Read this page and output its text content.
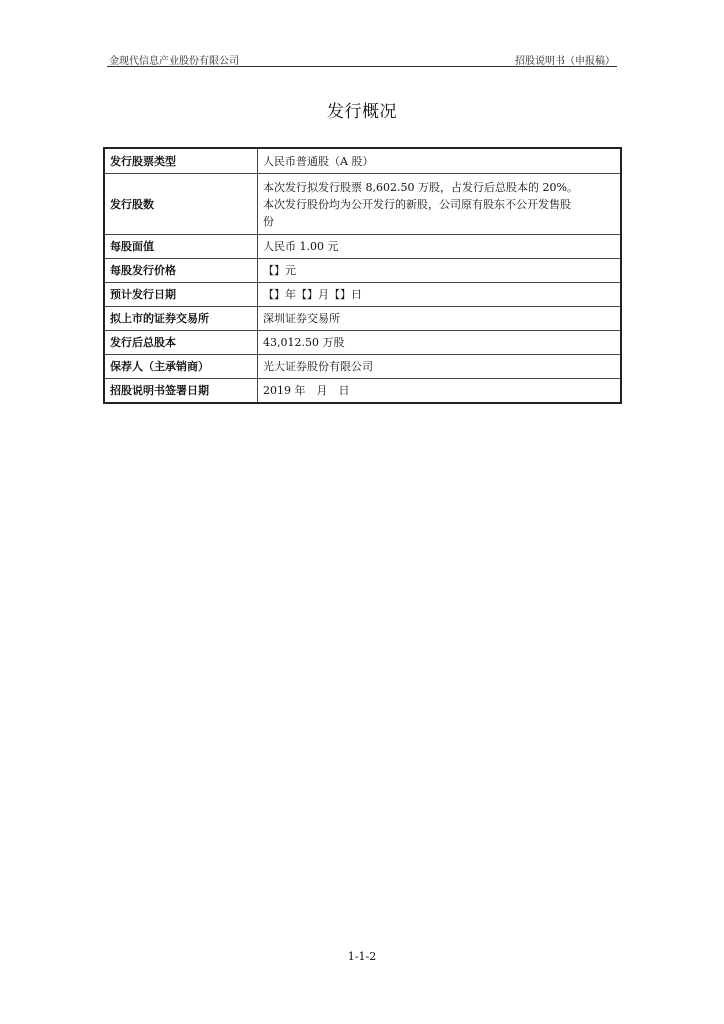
金现代信息产业股份有限公司	招股说明书（申报稿）
发行概况
发行股票类型	人民币普通股（A 股）

发行股数	本次发行拟发行股票 8,602.50 万股，占发行后总股本的 20%。
本次发行股份均为公开发行的新股，公司原有股东不公开发售股
份

每股面值	人民币 1.00 元

每股发行价格	【】元

预计发行日期	【】年【】月【】日

拟上市的证券交易所	深圳证券交易所

发行后总股本	43,012.50 万股

保荐人（主承销商）	光大证券股份有限公司

招股说明书签署日期	2019 年　月　日
1-1-2
